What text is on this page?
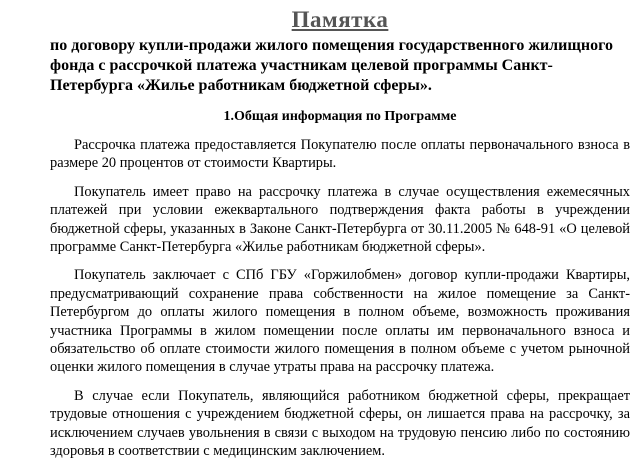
Памятка

по договору купли-продажи жилого помещения государственного жилищного фонда с рассрочкой платежа участникам целевой программы Санкт-Петербурга «Жилье работникам бюджетной сферы».

1.Общая информация по Программе

Рассрочка платежа предоставляется Покупателю после оплаты первоначального взноса в размере 20 процентов от стоимости Квартиры.

Покупатель имеет право на рассрочку платежа в случае осуществления ежемесячных платежей при условии ежеквартального подтверждения факта работы в учреждении бюджетной сферы, указанных в Законе Санкт-Петербурга от 30.11.2005 № 648-91 «О целевой программе Санкт-Петербурга «Жилье работникам бюджетной сферы».

Покупатель заключает с СПб ГБУ «Горжилобмен» договор купли-продажи Квартиры, предусматривающий сохранение права собственности на жилое помещение за Санкт-Петербургом до оплаты жилого помещения в полном объеме, возможность проживания участника Программы в жилом помещении после оплаты им первоначального взноса и обязательство об оплате стоимости жилого помещения в полном объеме с учетом рыночной оценки жилого помещения в случае утраты права на рассрочку платежа.

В случае если Покупатель, являющийся работником бюджетной сферы, прекращает трудовые отношения с учреждением бюджетной сферы, он лишается права на рассрочку, за исключением случаев увольнения в связи с выходом на трудовую пенсию либо по состоянию здоровья в соответствии с медицинским заключением.
